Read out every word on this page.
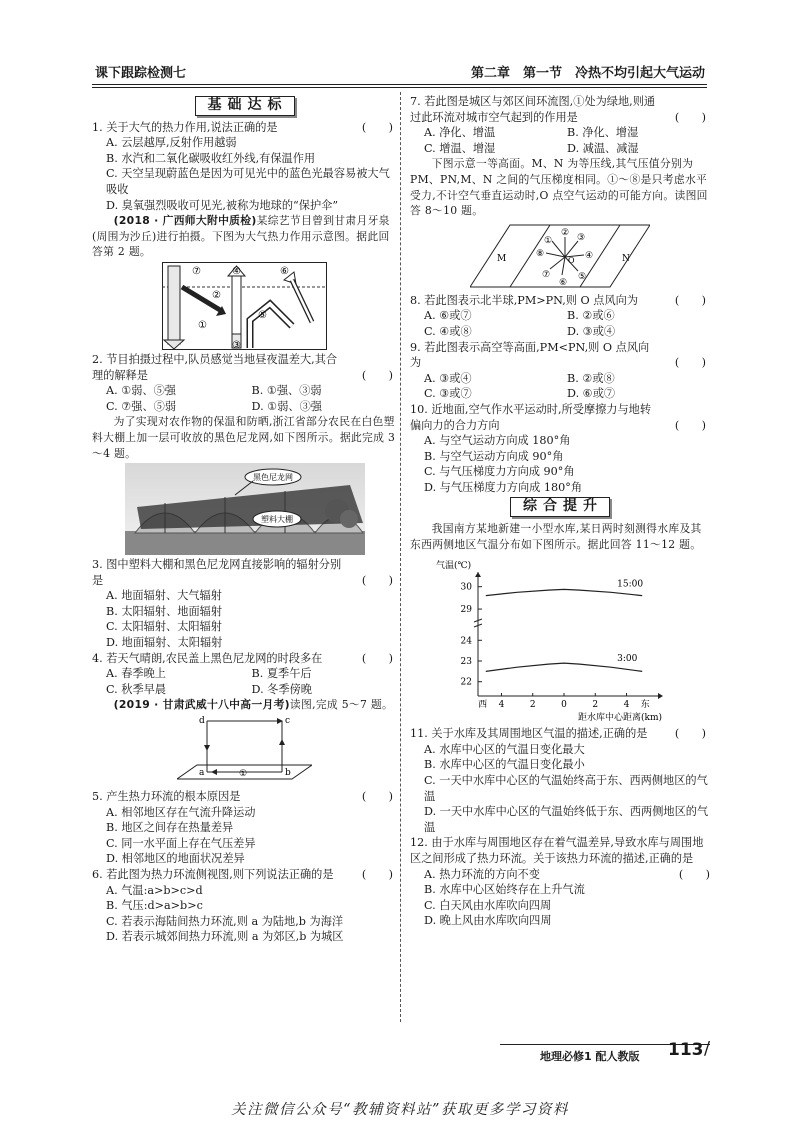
课下跟踪检测七	第二章　第一节　冷热不均引起大气运动
基础达标
1. 关于大气的热力作用,说法正确的是	(　　)
A. 云层越厚,反射作用越弱
B. 水汽和二氧化碳吸收红外线,有保温作用
C. 天空呈现蔚蓝色是因为可见光中的蓝色光最容易被大气吸收
D. 臭氧强烈吸收可见光,被称为地球的“保护伞”
(2018 · 广西师大附中质检)某综艺节目曾到甘肃月牙泉(周围为沙丘)进行拍摄。下图为大气热力作用示意图。据此回答第 2 题。
⑦
①
②
③
④
⑤
⑥
2. 节目拍摄过程中,队员感觉当地昼夜温差大,其合理的解释是	(　　)
A. ①弱、⑤强	B. ①强、③弱
C. ⑦强、⑤弱	D. ①弱、③强
为了实现对农作物的保温和防晒,浙江省部分农民在白色塑料大棚上加一层可收放的黑色尼龙网,如下图所示。据此完成 3～4 题。
黑色尼龙网
塑料大棚
3. 图中塑料大棚和黑色尼龙网直接影响的辐射分别是	(　　)
A. 地面辐射、大气辐射
B. 太阳辐射、地面辐射
C. 太阳辐射、太阳辐射
D. 地面辐射、太阳辐射
4. 若天气晴朗,农民盖上黑色尼龙网的时段多在	(　　)
A. 春季晚上	B. 夏季午后
C. 秋季早晨	D. 冬季傍晚
(2019 · 甘肃武威十八中高一月考)读图,完成 5～7 题。
d	c
a	b
①
5. 产生热力环流的根本原因是	(　　)
A. 相邻地区存在气流升降运动
B. 地区之间存在热量差异
C. 同一水平面上存在气压差异
D. 相邻地区的地面状况差异
6. 若此图为热力环流侧视图,则下列说法正确的是	(　　)
A. 气温:a>b>c>d
B. 气压:d>a>b>c
C. 若表示海陆间热力环流,则 a 为陆地,b 为海洋
D. 若表示城郊间热力环流,则 a 为郊区,b 为城区
7. 若此图是城区与郊区间环流图,①处为绿地,则通过此环流对城市空气起到的作用是	(　　)
A. 净化、增温	B. 净化、增湿
C. 增温、增湿	D. 减温、减湿
下图示意一等高面。M、N 为等压线,其气压值分别为 PM、PN,M、N 之间的气压梯度相同。①～⑧是只考虑水平受力,不计空气垂直运动时,O 点空气运动的可能方向。读图回答 8～10 题。
M	N
O
② ③
④
⑤
⑥
⑦
⑧
①
8. 若此图表示北半球,PM>PN,则 O 点风向为	(　　)
A. ⑥或⑦	B. ②或⑥
C. ④或⑧	D. ③或④
9. 若此图表示高空等高面,PM<PN,则 O 点风向为	(　　)
A. ③或④	B. ②或⑧
C. ③或⑦	D. ⑥或⑦
10. 近地面,空气作水平运动时,所受摩擦力与地转偏向力的合力方向	(　　)
A. 与空气运动方向成 180°角
B. 与空气运动方向成 90°角
C. 与气压梯度力方向成 90°角
D. 与气压梯度力方向成 180°角
综合提升
我国南方某地新建一小型水库,某日两时刻测得水库及其东西两侧地区气温分布如下图所示。据此回答 11～12 题。
气温(℃)
30
29
24
23
22
西 4	2	0	2	4 东
距水库中心距离(km)
15:00
3:00
11. 关于水库及其周围地区气温的描述,正确的是 (　　)
A. 水库中心区的气温日变化最大
B. 水库中心区的气温日变化最小
C. 一天中水库中心区的气温始终高于东、西两侧地区的气温
D. 一天中水库中心区的气温始终低于东、西两侧地区的气温
12. 由于水库与周围地区存在着气温差异,导致水库与周围地区之间形成了热力环流。关于该热力环流的描述,正确的是
(　　)
A. 热力环流的方向不变
B. 水库中心区始终存在上升气流
C. 白天风由水库吹向四周
D. 晚上风由水库吹向四周
地理必修1 配人教版 113 /
关注微信公众号“教辅资料站”获取更多学习资料
